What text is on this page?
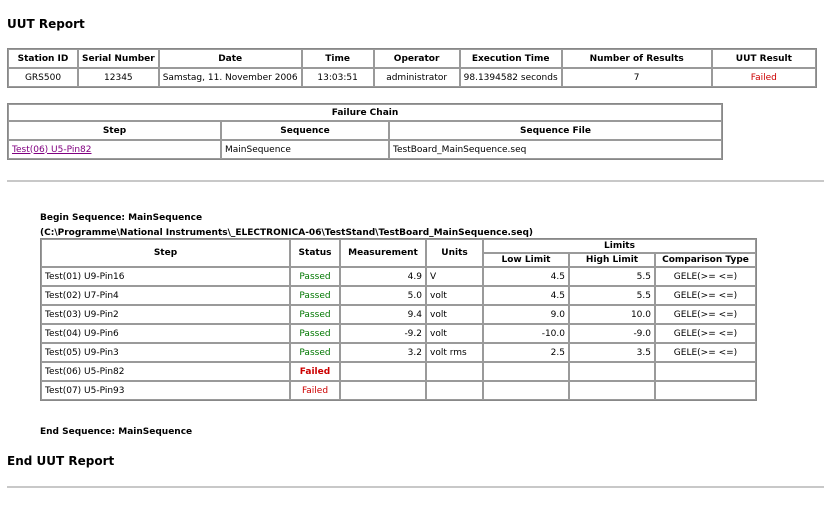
UUT Report
Station ID	Serial Number	Date	Time	Operator	Execution Time	Number of Results	UUT Result
GRS500	12345	Samstag, 11. November 2006	13:03:51	administrator	98.1394582 seconds	7	Failed
Failure Chain		
Step	Sequence	Sequence File
Test(06) U5-Pin82	MainSequence	TestBoard_MainSequence.seq
Begin Sequence: MainSequence
(C:\Programme\National Instruments\_ELECTRONICA-06\TestStand\TestBoard_MainSequence.seq)
Step	Status	Measurement	Units	Limits		
				Low Limit	High Limit	Comparison Type
Test(01) U9-Pin16	Passed	4.9	V	4.5	5.5	GELE(>= <=)
Test(02) U7-Pin4	Passed	5.0	volt	4.5	5.5	GELE(>= <=)
Test(03) U9-Pin2	Passed	9.4	volt	9.0	10.0	GELE(>= <=)
Test(04) U9-Pin6	Passed	-9.2	volt	-10.0	-9.0	GELE(>= <=)
Test(05) U9-Pin3	Passed	3.2	volt rms	2.5	3.5	GELE(>= <=)
Test(06) U5-Pin82	Failed					
Test(07) U5-Pin93	Failed					
End Sequence: MainSequence
End UUT Report
